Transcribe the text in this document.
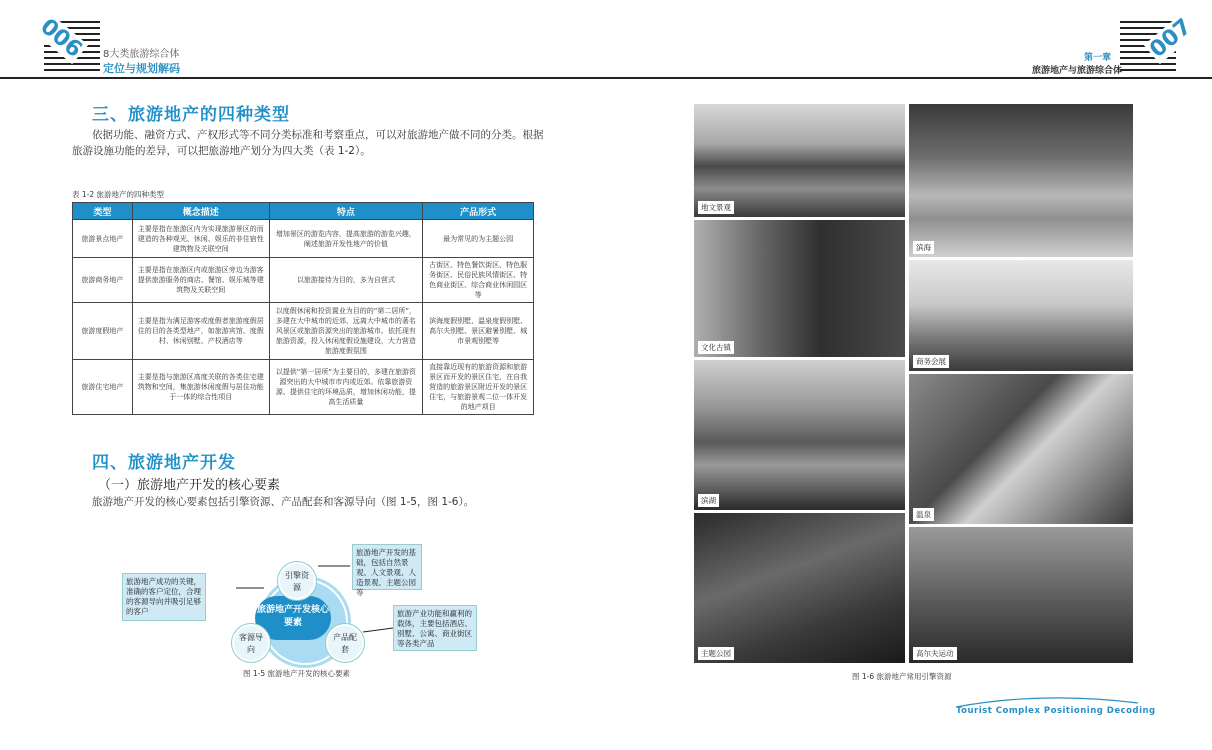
006 8大类旅游综合体
定位与规划解码
007
第一章
旅游地产与旅游综合体
三、旅游地产的四种类型
依据功能、融资方式、产权形式等不同分类标准和考察重点，可以对旅游地产做不同的分类。根据
旅游设施功能的差异，可以把旅游地产划分为四大类（表 1-2）。
表 1-2 旅游地产的四种类型
类型	概念描述	特点	产品形式
旅游景点地产	主要是指在旅游区内为实现旅游景区的而建造的各种观光、休闲、娱乐的非住宿性建筑物及关联空间	增加景区的游览内容，提高旅游的游览兴趣，阐述旅游开发性地产的价值	最为常见的为主题公园
旅游商务地产	主要是指在旅游区内或旅游区旁边为游客提供旅游服务的商店、餐馆、娱乐城等建筑物及关联空间	以旅游接待为目的，多为自营式	古街区、特色餐饮街区、特色服务街区、民俗民族风情街区、特色商业街区、综合商业休闲园区等
旅游度假地产	主要是指为满足游客或度假者旅游度假居住的目的各类型地产，如旅游宾馆、度假村、休闲别墅、产权酒店等	以度假休闲和投资置业为目的的“第二居所”，多建在大中城市的近郊、远离大中城市的著名风景区或旅游资源突出的旅游城市。依托现有旅游资源，投入休闲度假设施建设，大力营造旅游度假氛围	滨海度假别墅、温泉度假别墅、高尔夫别墅、景区避暑别墅、城市景观别墅等
旅游住宅地产	主要是指与旅游区高度关联的各类住宅建筑物和空间，集旅游休闲度假与居住功能于一体的综合性项目	以提供“第一居所”为主要目的，多建在旅游资源突出的大中城市市内或近郊。依靠旅游资源、提供住宅的环境品质，增加休闲功能，提高生活质量	直接靠近现有的旅游资源和旅游景区而开发的景区住宅，在自我营造的旅游景区附近开发的景区住宅，与旅游景观二位一体开发的地产项目
四、旅游地产开发
（一）旅游地产开发的核心要素
旅游地产开发的核心要素包括引擎资源、产品配套和客源导向（图 1-5，图 1-6）。
旅游地产成功的关键，准确的客户定位，合理的客源导向并吸引足够的客户
旅游地产开发的基础，包括自然景观、人文景观、人造景观、主题公园等
旅游产业功能和赢利的载体，主要包括酒店、别墅、公寓、商业街区等各类产品
旅游地产开发核心要素
引擎资源
客源导向
产品配套
图 1-5 旅游地产开发的核心要素
地文景观
滨海
文化古镇
商务会展
滨湖
温泉
主题公园	高尔夫运动
图 1-6 旅游地产常用引擎资源
Tourist Complex Positioning Decoding
